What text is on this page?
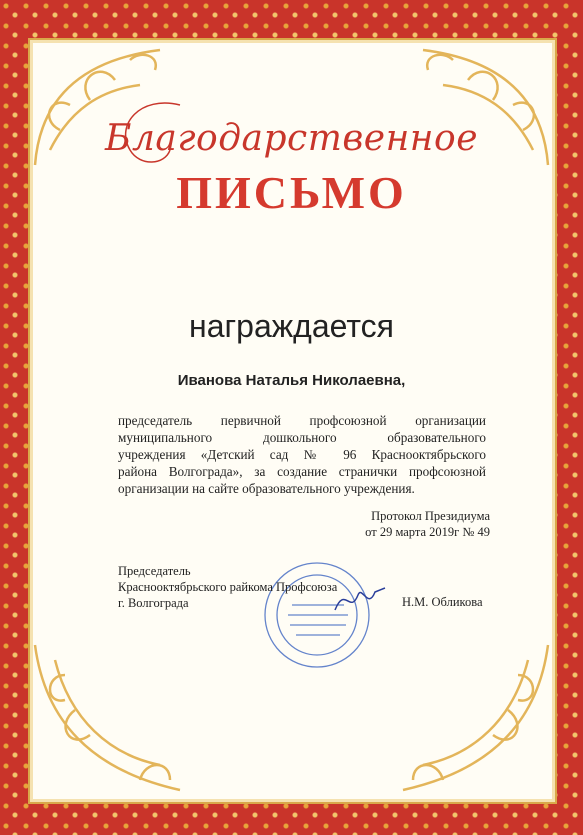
Благодарственное
ПИСЬМО
награждается
Иванова Наталья Николаевна,
председатель первичной профсоюзной организации
муниципального дошкольного образовательного
учреждения «Детский сад № 96 Краснооктябрьского
района Волгограда», за создание странички профсоюзной
организации на сайте образовательного учреждения.
Протокол Президиума
от 29 марта 2019г № 49
Председатель
Краснооктябрьского райкома Профсоюза
г. Волгограда	Н.М. Обликова
